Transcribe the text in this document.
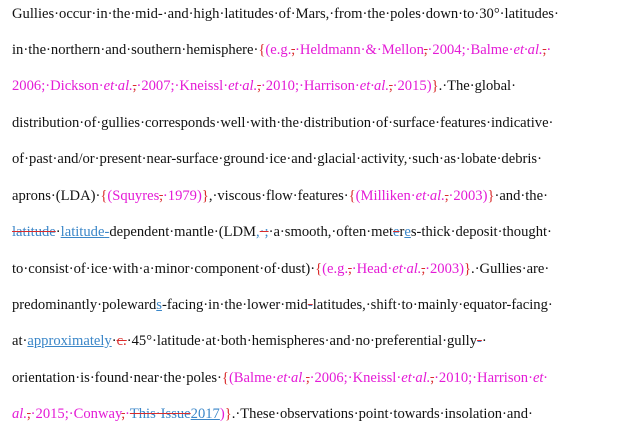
Gullies·occur·in·the·mid-·and·high·latitudes·of·Mars,·from·the·poles·down·to·30°·latitudes·
in·the·northern·and·southern·hemisphere·{(e.g.,·Heldmann·&·Mellon,·2004;·Balme·et·al.,·
2006;·Dickson·et·al.,·2007;·Kneissl·et·al.,·2010;·Harrison·et·al.,·2015)}.·The·global·
distribution·of·gullies·corresponds·well·with·the·distribution·of·surface·features·indicative·
of·past·and/or·present·near-surface·ground·ice·and·glacial·activity,·such·as·lobate·debris·
aprons·(LDA)·{(Squyres,·1979)},·viscous·flow·features·{(Milliken·et·al.,·2003)}·and·the·
latitude·latitude-dependent·mantle·(LDM,·;·a·smooth,·often·meteres-thick·deposit·thought·
to·consist·of·ice·with·a·minor·component·of·dust)·{(e.g.,·Head·et·al.,·2003)}.·Gullies·are·
predominantly·polewards-facing·in·the·lower·mid-latitudes,·shift·to·mainly·equator-facing·
at·approximately·c.·45°·latitude·at·both·hemispheres·and·no·preferential·gully-·
orientation·is·found·near·the·poles·{(Balme·et·al.,·2006;·Kneissl·et·al.,·2010;·Harrison·et·
al.,·2015;·Conway,·This·Issue2017)}.·These·observations·point·towards·insolation·and·
